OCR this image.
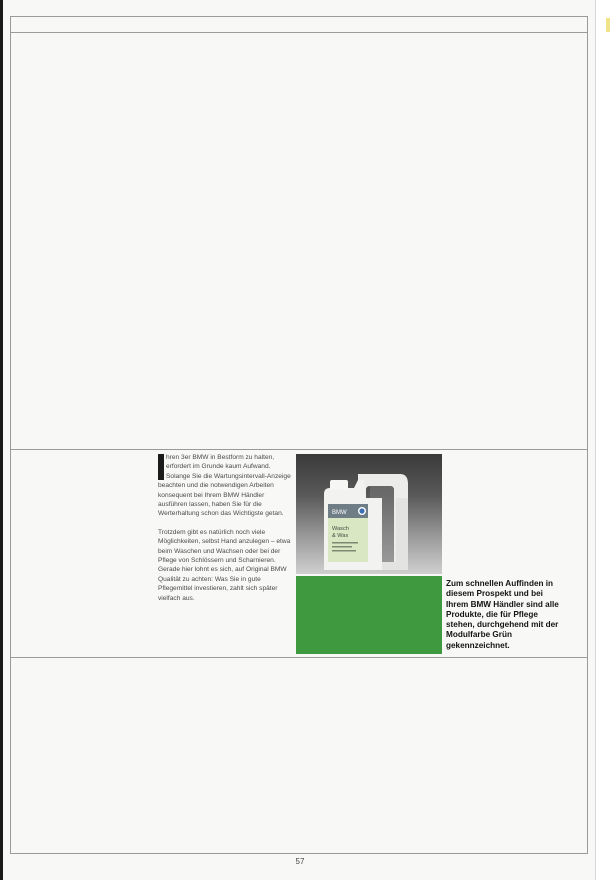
hren 3er BMW in Bestform zu halten, erfordert im Grunde kaum Aufwand. Solange Sie die Wartungsintervall-Anzeige beachten und die notwendigen Arbeiten konsequent bei Ihrem BMW Händler ausführen lassen, haben Sie für die Werterhaltung schon das Wichtigste getan.

Trotzdem gibt es natürlich noch viele Möglichkeiten, selbst Hand anzulegen – etwa beim Waschen und Wachsen oder bei der Pflege von Schlössern und Scharnieren. Gerade hier lohnt es sich, auf Original BMW Qualität zu achten: Was Sie in gute Pflegemittel investieren, zahlt sich später vielfach aus.

BMW
Wasch
& Wax
Zum schnellen Auffinden in diesem Prospekt und bei Ihrem BMW Händler sind alle Produkte, die für Pflege stehen, durchgehend mit der Modulfarbe Grün gekennzeichnet.
57
